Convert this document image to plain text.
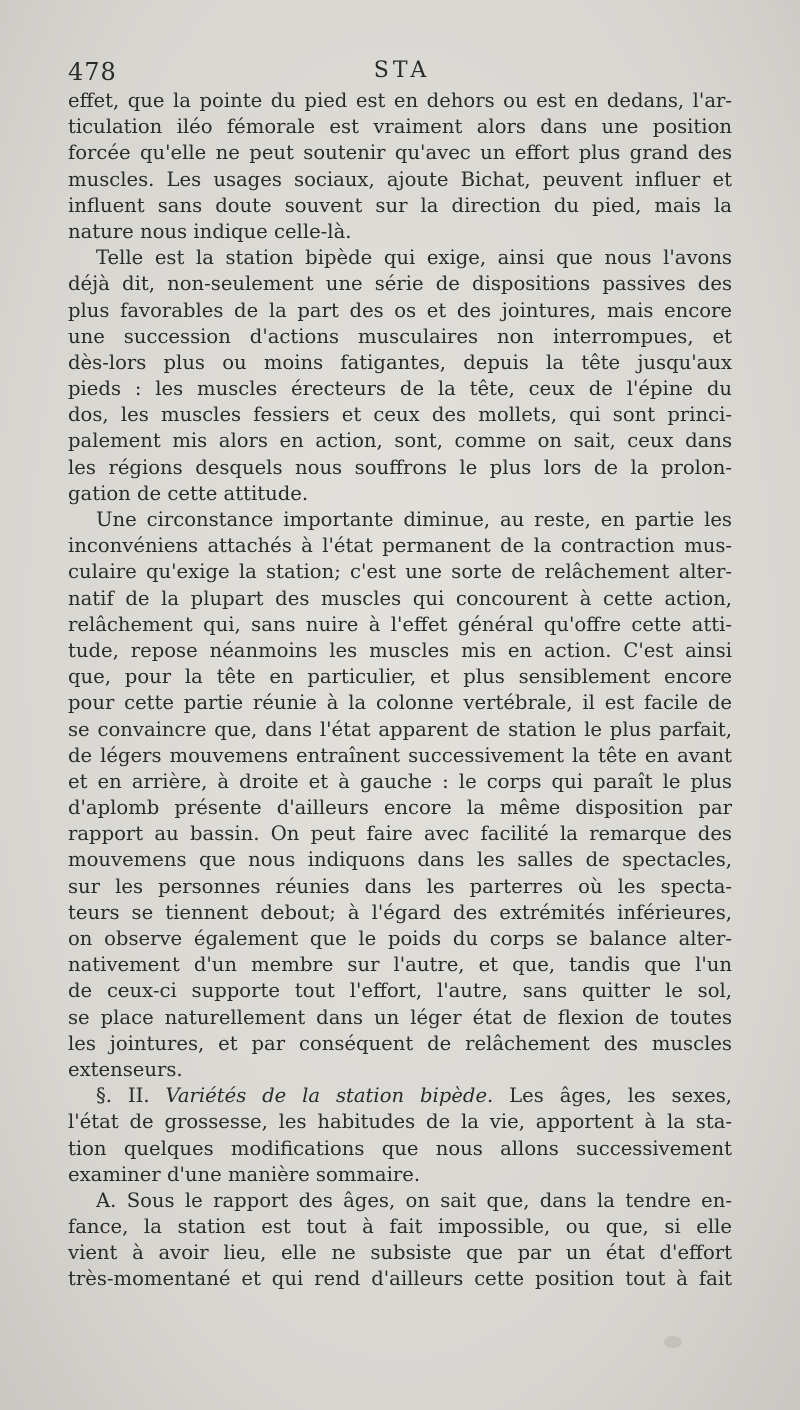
478	STA
effet, que la pointe du pied est en dehors ou est en dedans, l'ar-
ticulation iléo fémorale est vraiment alors dans une position
forcée qu'elle ne peut soutenir qu'avec un effort plus grand des
muscles. Les usages sociaux, ajoute Bichat, peuvent influer et
influent sans doute souvent sur la direction du pied, mais la
nature nous indique celle-là.
Telle est la station bipède qui exige, ainsi que nous l'avons
déjà dit, non-seulement une série de dispositions passives des
plus favorables de la part des os et des jointures, mais encore
une succession d'actions musculaires non interrompues, et
dès-lors plus ou moins fatigantes, depuis la tête jusqu'aux
pieds : les muscles érecteurs de la tête, ceux de l'épine du
dos, les muscles fessiers et ceux des mollets, qui sont princi-
palement mis alors en action, sont, comme on sait, ceux dans
les régions desquels nous souffrons le plus lors de la prolon-
gation de cette attitude.
Une circonstance importante diminue, au reste, en partie les
inconvéniens attachés à l'état permanent de la contraction mus-
culaire qu'exige la station; c'est une sorte de relâchement alter-
natif de la plupart des muscles qui concourent à cette action,
relâchement qui, sans nuire à l'effet général qu'offre cette atti-
tude, repose néanmoins les muscles mis en action. C'est ainsi
que, pour la tête en particulier, et plus sensiblement encore
pour cette partie réunie à la colonne vertébrale, il est facile de
se convaincre que, dans l'état apparent de station le plus parfait,
de légers mouvemens entraînent successivement la tête en avant
et en arrière, à droite et à gauche : le corps qui paraît le plus
d'aplomb présente d'ailleurs encore la même disposition par
rapport au bassin. On peut faire avec facilité la remarque des
mouvemens que nous indiquons dans les salles de spectacles,
sur les personnes réunies dans les parterres où les specta-
teurs se tiennent debout; à l'égard des extrémités inférieures,
on observe également que le poids du corps se balance alter-
nativement d'un membre sur l'autre, et que, tandis que l'un
de ceux-ci supporte tout l'effort, l'autre, sans quitter le sol,
se place naturellement dans un léger état de flexion de toutes
les jointures, et par conséquent de relâchement des muscles
extenseurs.
§. II. Variétés de la station bipède. Les âges, les sexes,
l'état de grossesse, les habitudes de la vie, apportent à la sta-
tion quelques modifications que nous allons successivement
examiner d'une manière sommaire.
A. Sous le rapport des âges, on sait que, dans la tendre en-
fance, la station est tout à fait impossible, ou que, si elle
vient à avoir lieu, elle ne subsiste que par un état d'effort
très-momentané et qui rend d'ailleurs cette position tout à fait
